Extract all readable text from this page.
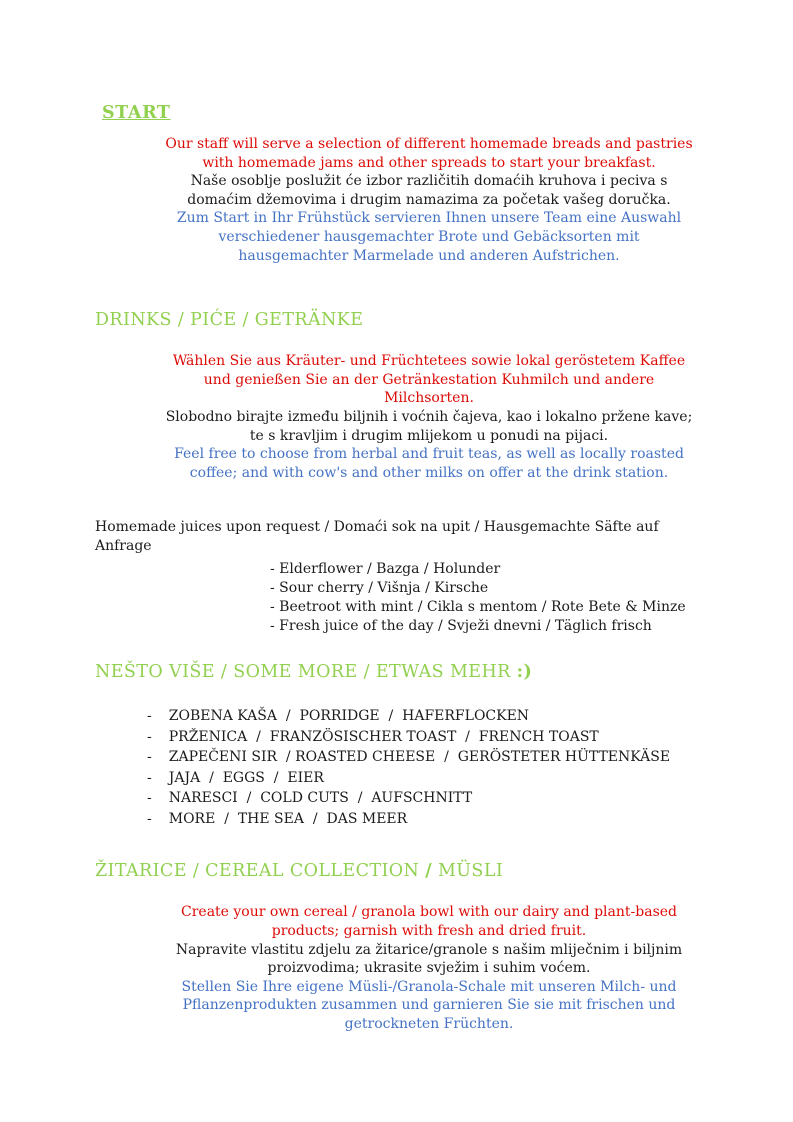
START

Our staff will serve a selection of different homemade breads and pastries with homemade jams and other spreads to start your breakfast.

Naše osoblje poslužit će izbor različitih domaćih kruhova i peciva s domaćim džemovima i drugim namazima za početak vašeg doručka.

Zum Start in Ihr Frühstück servieren Ihnen unsere Team eine Auswahl verschiedener hausgemachter Brote und Gebäcksorten mit hausgemachter Marmelade und anderen Aufstrichen.

DRINKS / PIĆE / GETRÄNKE

Wählen Sie aus Kräuter- und Früchtetees sowie lokal geröstetem Kaffee und genießen Sie an der Getränkestation Kuhmilch und andere Milchsorten.

Slobodno birajte između biljnih i voćnih čajeva, kao i lokalno pržene kave; te s kravljim i drugim mlijekom u ponudi na pijaci.

Feel free to choose from herbal and fruit teas, as well as locally roasted coffee; and with cow's and other milks on offer at the drink station.

Homemade juices upon request / Domaći sok na upit / Hausgemachte Säfte auf Anfrage

- Elderflower / Bazga / Holunder
- Sour cherry / Višnja / Kirsche
- Beetroot with mint / Cikla s mentom / Rote Bete & Minze
- Fresh juice of the day / Svježi dnevni / Täglich frisch
NEŠTO VIŠE / SOME MORE / ETWAS MEHR :)
- ZOBENA KAŠA  /  PORRIDGE  /  HAFERFLOCKEN
- PRŽENICA  /  FRANZÖSISCHER TOAST  /  FRENCH TOAST
- ZAPEČENI SIR  / ROASTED CHEESE  /  GERÖSTETER HÜTTENKÄSE
- JAJA  /  EGGS  /  EIER
- NARESCI  /  COLD CUTS  /  AUFSCHNITT
- MORE  /  THE SEA  /  DAS MEER
ŽITARICE / CEREAL COLLECTION / MÜSLI

Create your own cereal / granola bowl with our dairy and plant-based products; garnish with fresh and dried fruit.

Napravite vlastitu zdjelu za žitarice/granole s našim mliječnim i biljnim proizvodima; ukrasite svježim i suhim voćem.

Stellen Sie Ihre eigene Müsli-/Granola-Schale mit unseren Milch- und Pflanzenprodukten zusammen und garnieren Sie sie mit frischen und getrockneten Früchten.
